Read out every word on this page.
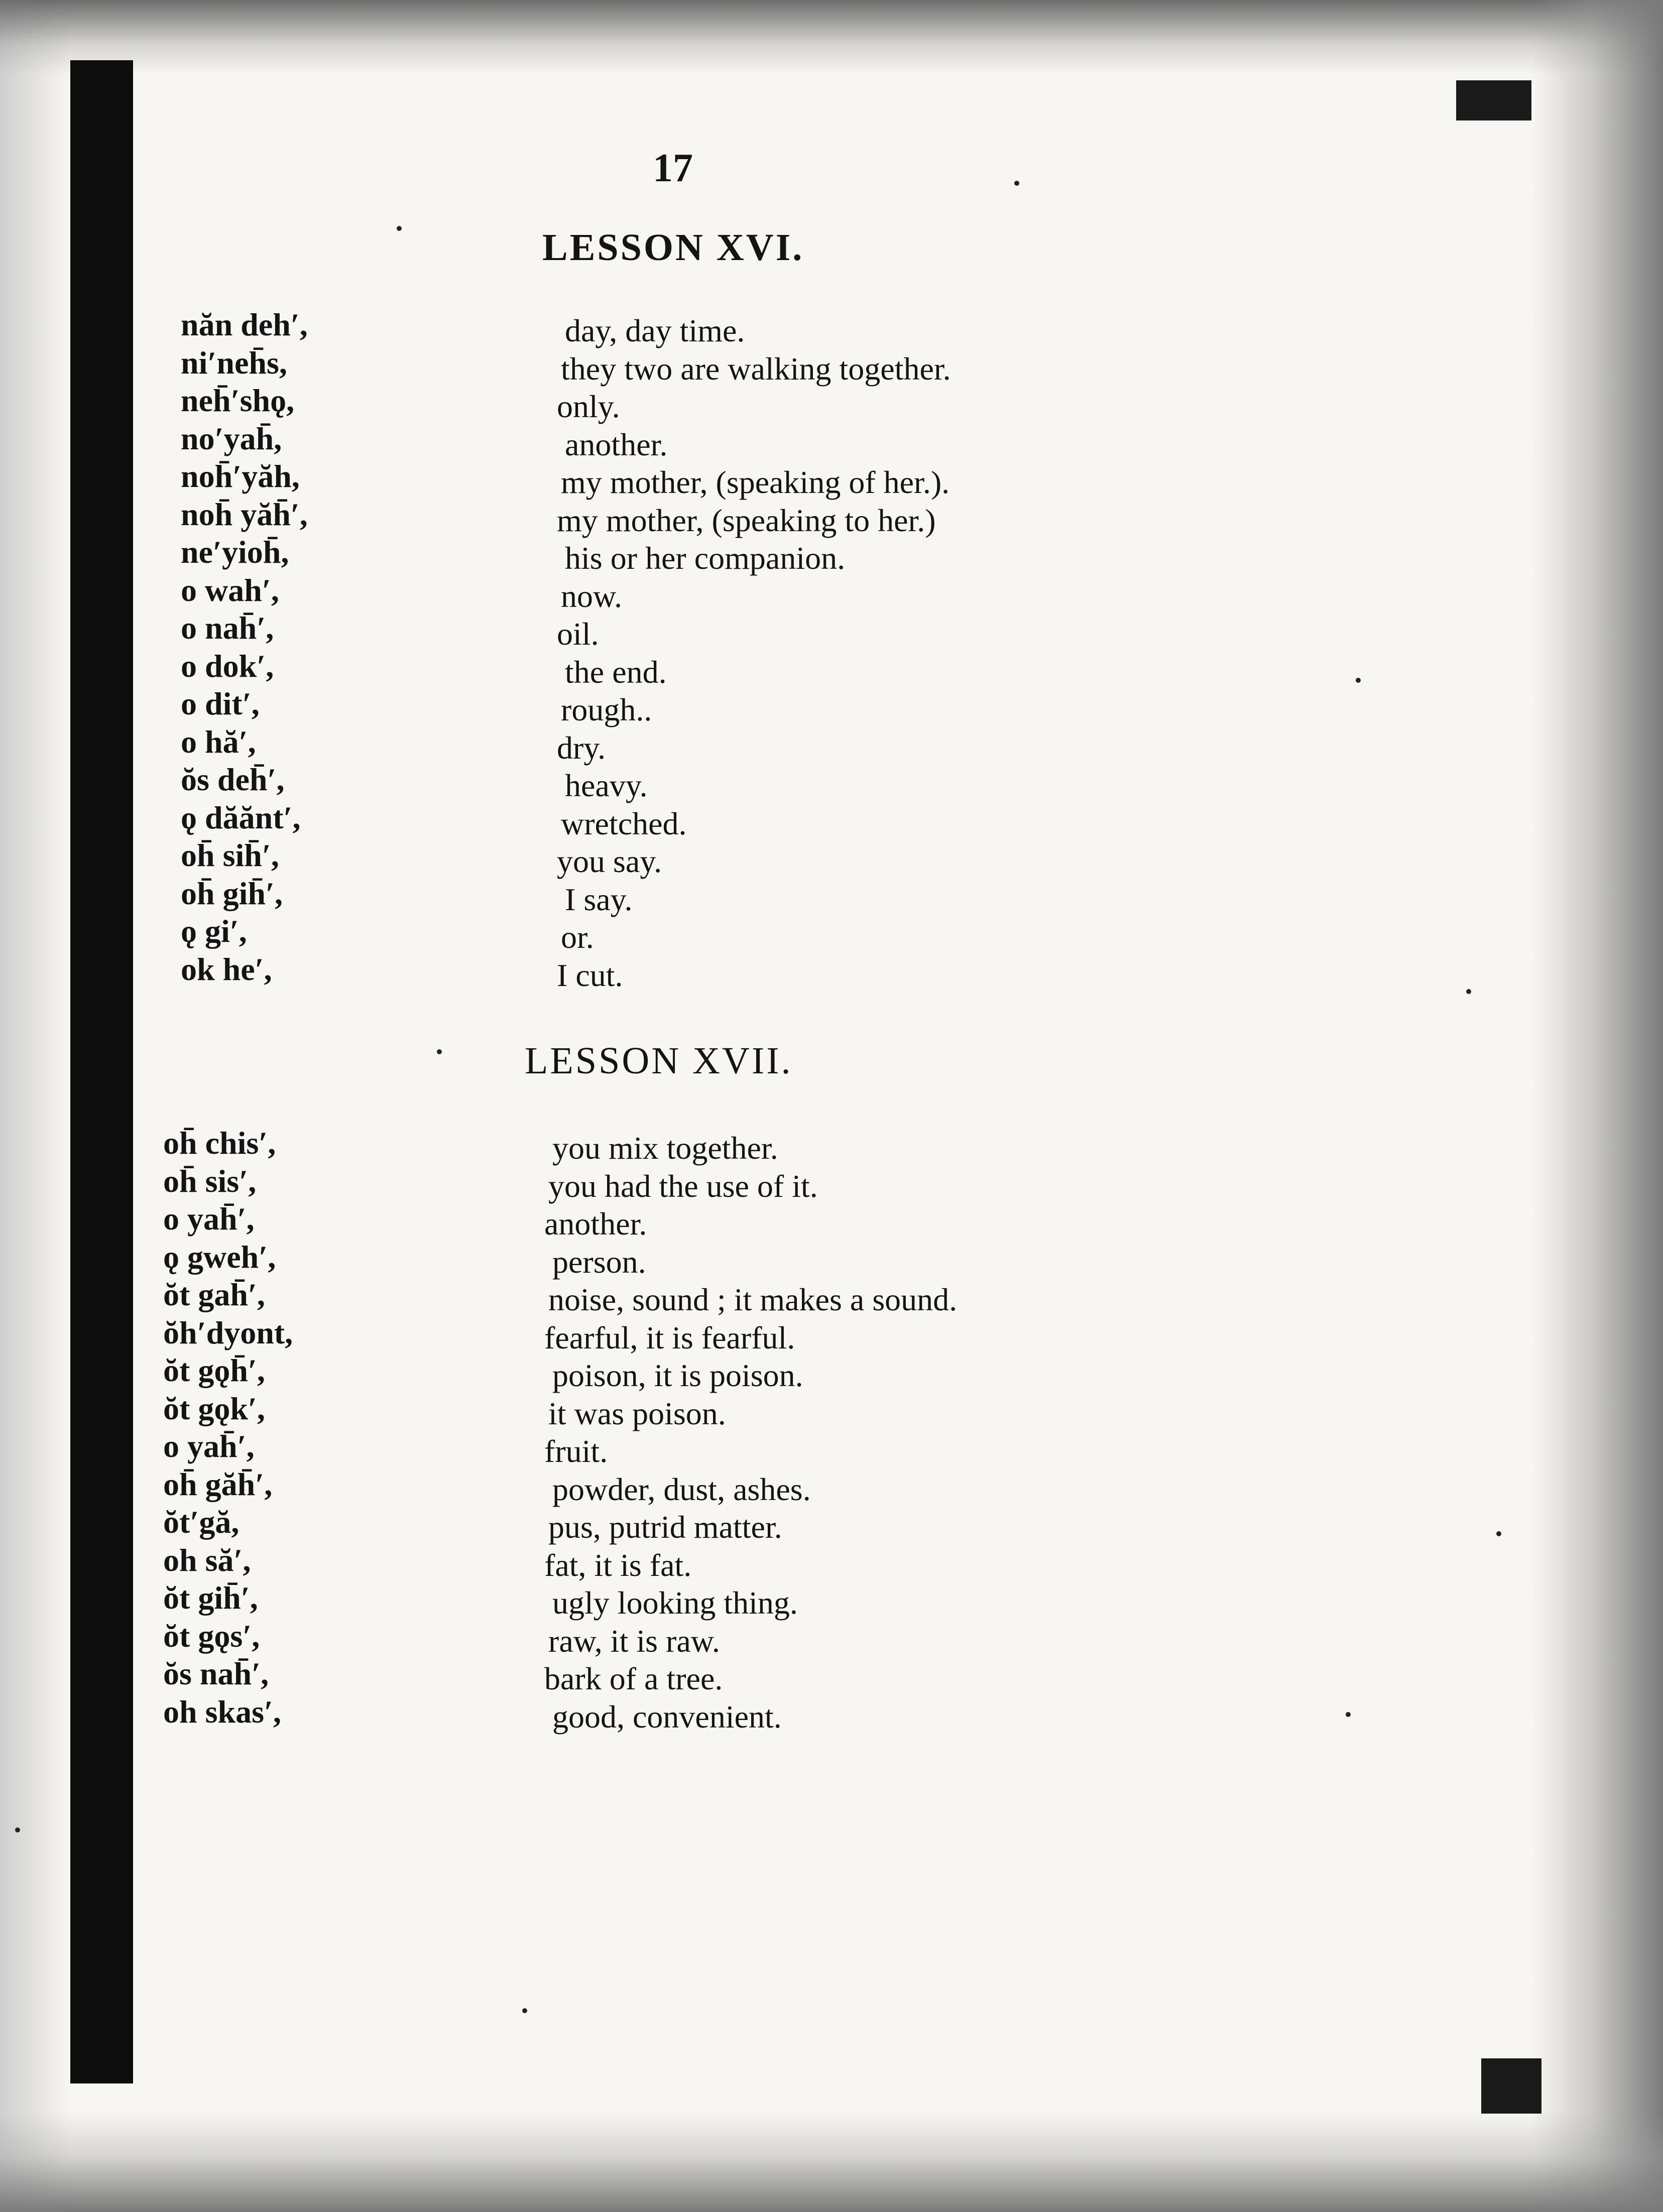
17
LESSON XVI.
năn deh′,	day, day time.
ni′neh̄s,	they two are walking together.
neh̄′shǫ,	only.
no′yah̄,	another.
noh̄′yăh,	my mother, (speaking of her.).
noh̄ yăh̄′,	my mother, (speaking to her.)
ne′yioh̄,	his or her companion.
o wah′,	now.
o nah̄′,	oil.
o dok′,	the end.
o dit′,	rough..
o hă′,	dry.
ŏs deh̄′,	heavy.
ǫ dăănt′,	wretched.
oh̄ sih̄′,	you say.
oh̄ gih̄′,	I say.
ǫ gi′,	or.
ok he′,	I cut.
LESSON XVII.
oh̄ chis′,	you mix together.
oh̄ sis′,	you had the use of it.
o yah̄′,	another.
ǫ gweh′,	person.
ŏt gah̄′,	noise, sound ; it makes a sound.
ŏh′dyont,	fearful, it is fearful.
ŏt gǫh̄′,	poison, it is poison.
ŏt gǫk′,	it was poison.
o yah̄′,	fruit.
oh̄ găh̄′,	powder, dust, ashes.
ŏt′gă,	pus, putrid matter.
oh să′,	fat, it is fat.
ŏt gih̄′,	ugly looking thing.
ŏt gǫs′,	raw, it is raw.
ŏs nah̄′,	bark of a tree.
oh skas′,	good, convenient.
